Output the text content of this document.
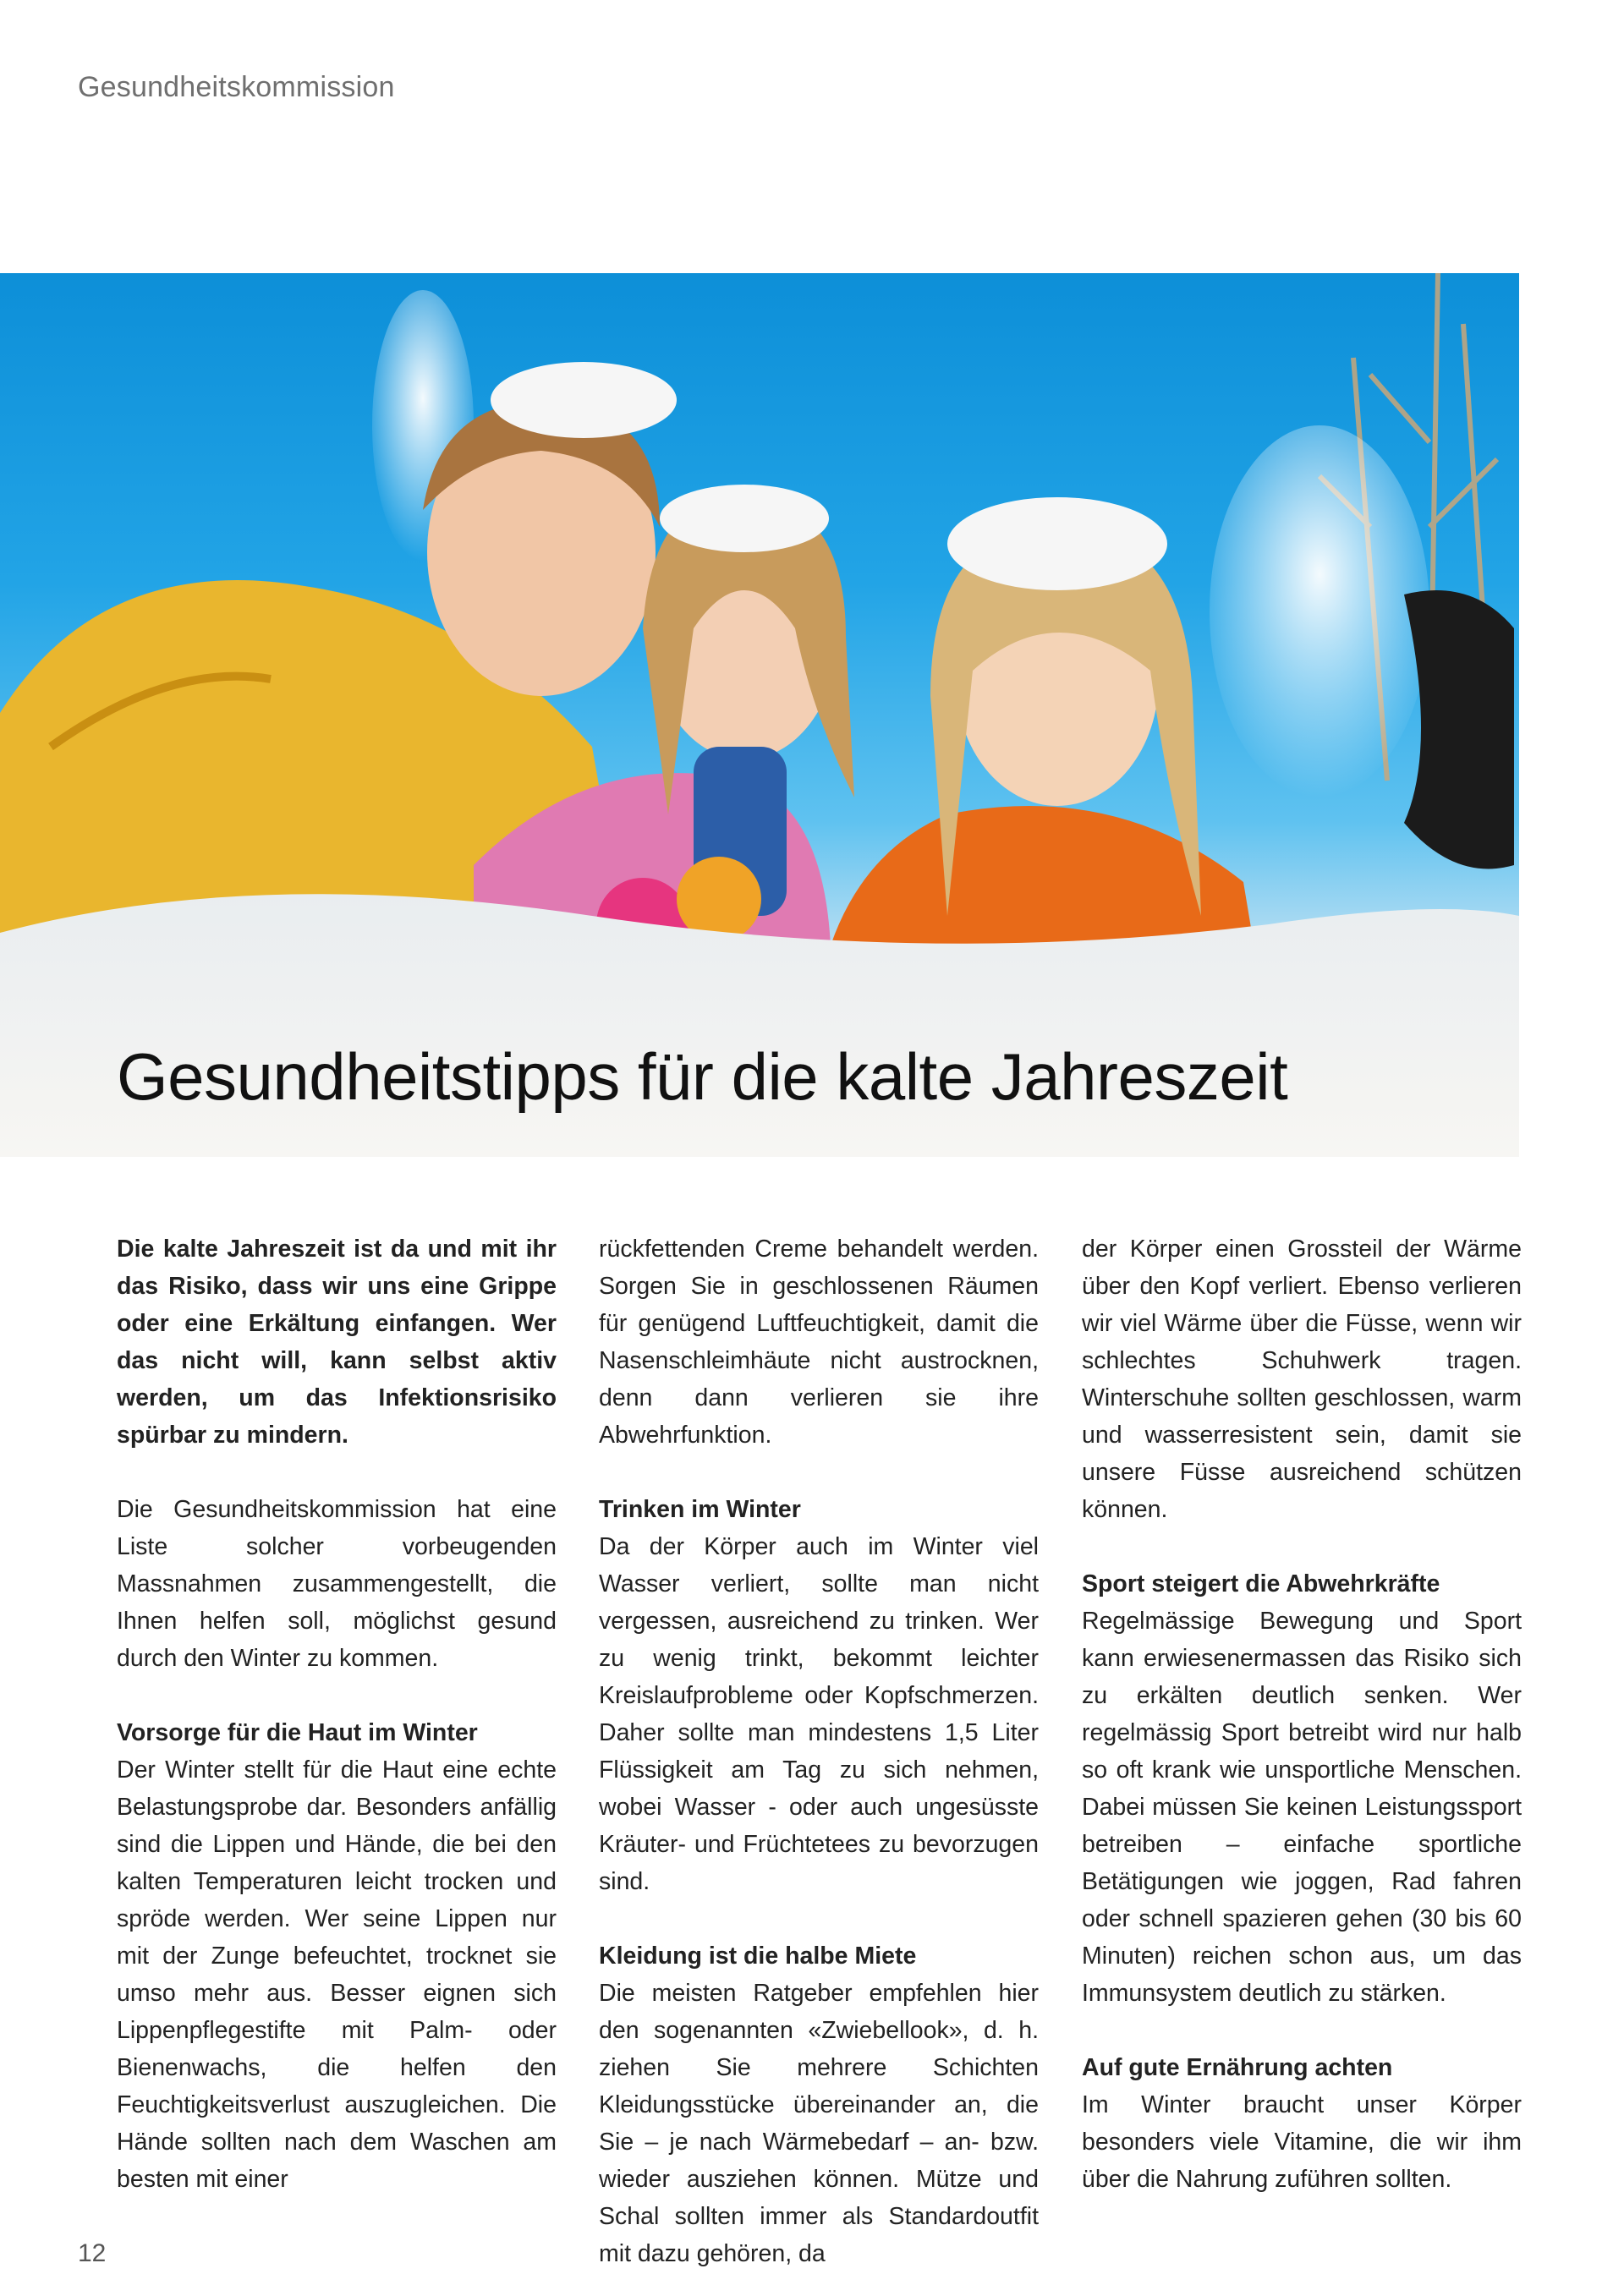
Gesundheitskommission
Gesundheitstipps für die kalte Jahreszeit

Die kalte Jahreszeit ist da und mit ihr das Risiko, dass wir uns eine Grippe oder eine Erkältung einfangen. Wer das nicht will, kann selbst aktiv werden, um das Infektionsrisiko spürbar zu mindern.

Die Gesundheitskommission hat eine Liste solcher vorbeugenden Massnahmen zusammengestellt, die Ihnen helfen soll, möglichst gesund durch den Winter zu kommen.

Vorsorge für die Haut im Winter

Der Winter stellt für die Haut eine echte Belastungsprobe dar. Besonders anfällig sind die Lippen und Hände, die bei den kalten Temperaturen leicht trocken und spröde werden. Wer seine Lippen nur mit der Zunge befeuchtet, trocknet sie umso mehr aus. Besser eignen sich Lippenpflegestifte mit Palm- oder Bienenwachs, die helfen den Feuchtigkeitsverlust auszugleichen. Die Hände sollten nach dem Waschen am besten mit einer

rückfettenden Creme behandelt werden. Sorgen Sie in geschlossenen Räumen für genügend Luftfeuchtigkeit, damit die Nasenschleimhäute nicht austrocknen, denn dann verlieren sie ihre Abwehrfunktion.

Trinken im Winter

Da der Körper auch im Winter viel Wasser verliert, sollte man nicht vergessen, ausreichend zu trinken. Wer zu wenig trinkt, bekommt leichter Kreislaufprobleme oder Kopfschmerzen. Daher sollte man mindestens 1,5 Liter Flüssigkeit am Tag zu sich nehmen, wobei Wasser - oder auch ungesüsste Kräuter- und Früchtetees zu bevorzugen sind.

Kleidung ist die halbe Miete

Die meisten Ratgeber empfehlen hier den sogenannten «Zwiebellook», d. h. ziehen Sie mehrere Schichten Kleidungsstücke übereinander an, die Sie – je nach Wärmebedarf – an- bzw. wieder ausziehen können. Mütze und Schal sollten immer als Standardoutfit mit dazu gehören, da

der Körper einen Grossteil der Wärme über den Kopf verliert. Ebenso verlieren wir viel Wärme über die Füsse, wenn wir schlechtes Schuhwerk tragen. Winterschuhe sollten geschlossen, warm und wasserresistent sein, damit sie unsere Füsse ausreichend schützen können.

Sport steigert die Abwehrkräfte

Regelmässige Bewegung und Sport kann erwiesenermassen das Risiko sich zu erkälten deutlich senken. Wer regelmässig Sport betreibt wird nur halb so oft krank wie unsportliche Menschen. Dabei müssen Sie keinen Leistungssport betreiben – einfache sportliche Betätigungen wie joggen, Rad fahren oder schnell spazieren gehen (30 bis 60 Minuten) reichen schon aus, um das Immunsystem deutlich zu stärken.

Auf gute Ernährung achten

Im Winter braucht unser Körper besonders viele Vitamine, die wir ihm über die Nahrung zuführen sollten.

12
